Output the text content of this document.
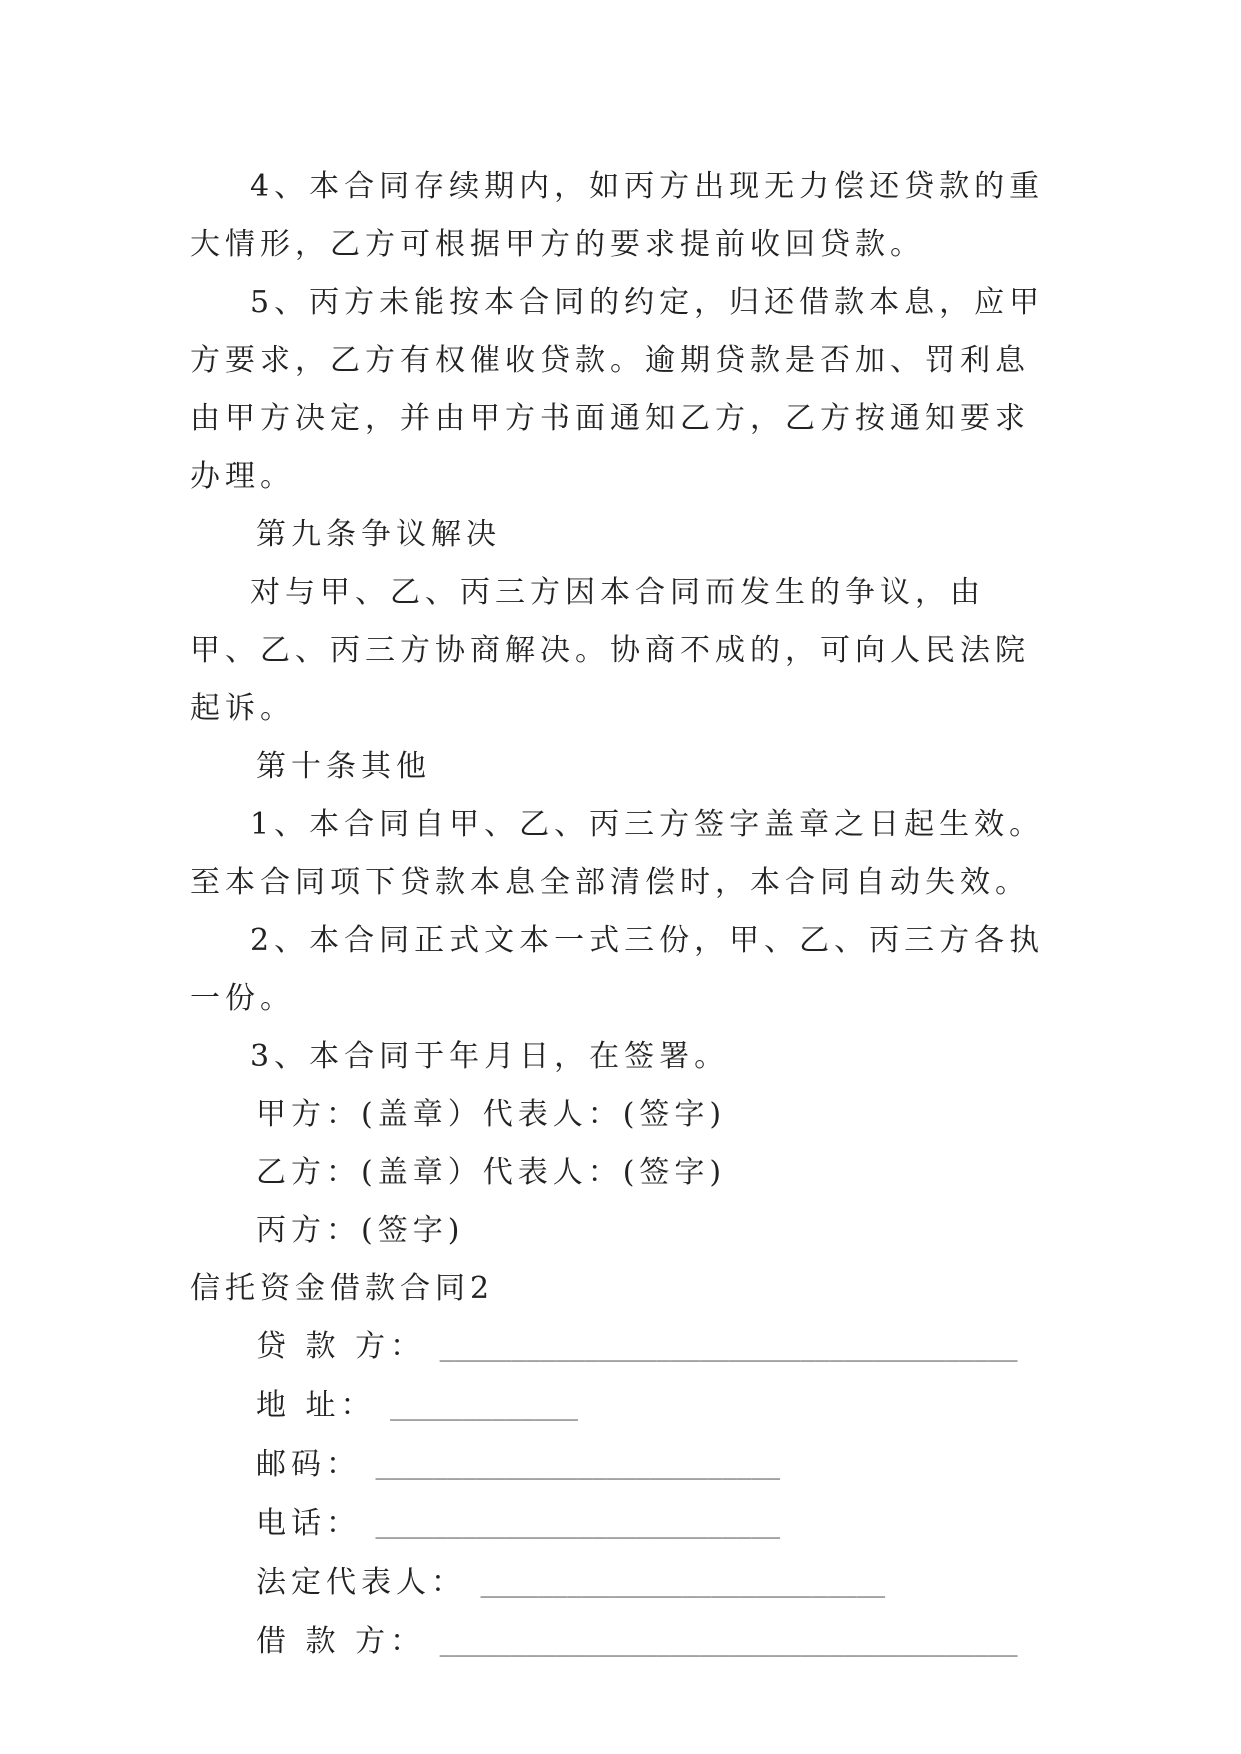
4、本合同存续期内，如丙方出现无力偿还贷款的重大情形，乙方可根据甲方的要求提前收回贷款。

5、丙方未能按本合同的约定，归还借款本息，应甲方要求，乙方有权催收贷款。逾期贷款是否加、罚利息由甲方决定，并由甲方书面通知乙方，乙方按通知要求办理。

第九条争议解决

对与甲、乙、丙三方因本合同而发生的争议，由甲、乙、丙三方协商解决。协商不成的，可向人民法院起诉。

第十条其他

1、本合同自甲、乙、丙三方签字盖章之日起生效。至本合同项下贷款本息全部清偿时，本合同自动失效。

2、本合同正式文本一式三份，甲、乙、丙三方各执一份。

3、本合同于年月日，在签署。

甲方：(盖章）代表人：(签字)

乙方：(盖章）代表人：(签字)

丙方：(签字)

信托资金借款合同2

贷 款 方： ________________________________________

地 址： _____________

邮码： ____________________________

电话： ____________________________

法定代表人： ____________________________

借 款 方： ________________________________________
